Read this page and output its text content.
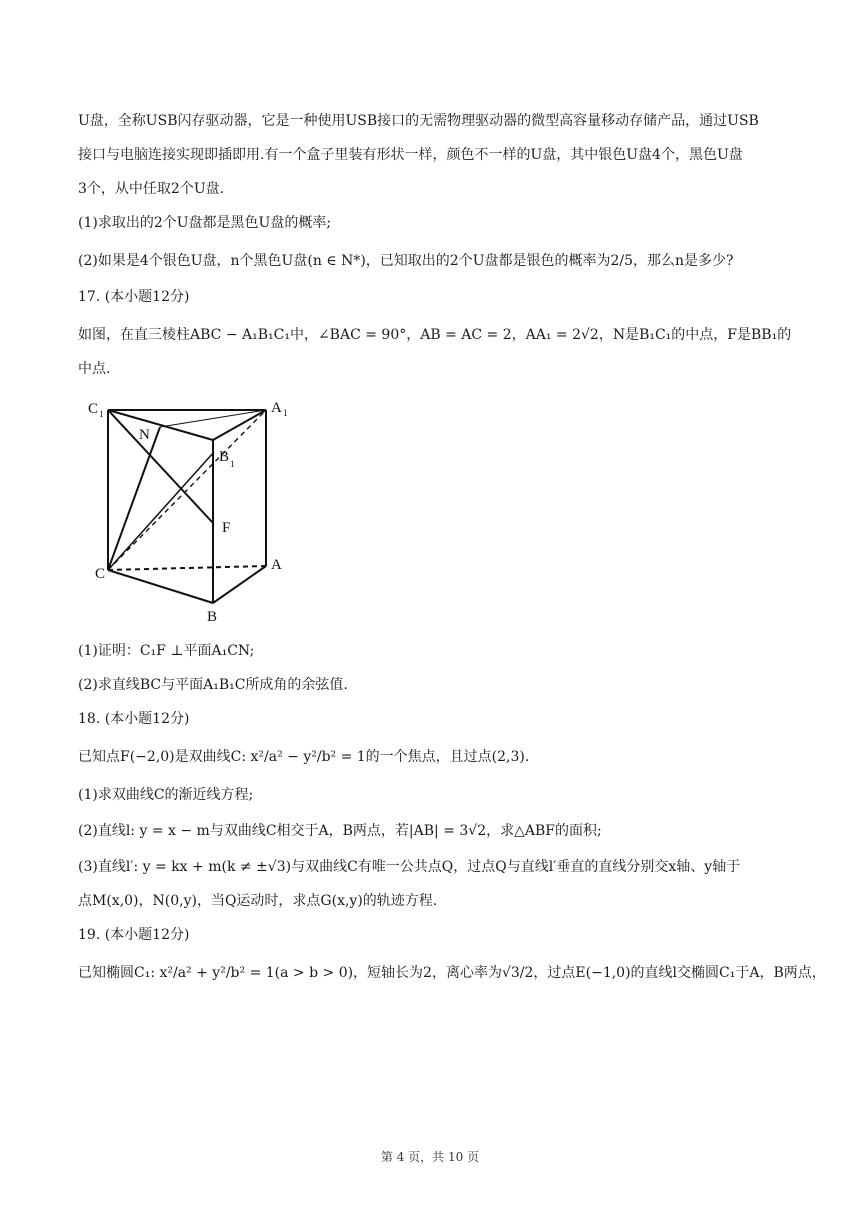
U盘，全称USB闪存驱动器，它是一种使用USB接口的无需物理驱动器的微型高容量移动存储产品，通过USB
接口与电脑连接实现即插即用.有一个盒子里装有形状一样，颜色不一样的U盘，其中银色U盘4个，黑色U盘
3个，从中任取2个U盘.
(1)求取出的2个U盘都是黑色U盘的概率;
(2)如果是4个银色U盘，n个黑色U盘(n ∈ N*)，已知取出的2个U盘都是银色的概率为2/5，那么n是多少?
17. (本小题12分)
如图，在直三棱柱ABC − A₁B₁C₁中，∠BAC = 90°，AB = AC = 2，AA₁ = 2√2，N是B₁C₁的中点，F是BB₁的
中点.
C 1	A 1
B 1
N
F
C
A
B
(1)证明：C₁F ⊥平面A₁CN;
(2)求直线BC与平面A₁B₁C所成角的余弦值.
18. (本小题12分)
已知点F(−2,0)是双曲线C: x²/a² − y²/b² = 1的一个焦点，且过点(2,3).
(1)求双曲线C的渐近线方程;
(2)直线l: y = x − m与双曲线C相交于A，B两点，若|AB| = 3√2，求△ABF的面积;
(3)直线l′: y = kx + m(k ≠ ±√3)与双曲线C有唯一公共点Q，过点Q与直线l′垂直的直线分别交x轴、y轴于
点M(x,0)，N(0,y)，当Q运动时，求点G(x,y)的轨迹方程.
19. (本小题12分)
已知椭圆C₁: x²/a² + y²/b² = 1(a > b > 0)，短轴长为2，离心率为√3/2，过点E(−1,0)的直线l交椭圆C₁于A，B两点，
第 4 页，共 10 页
